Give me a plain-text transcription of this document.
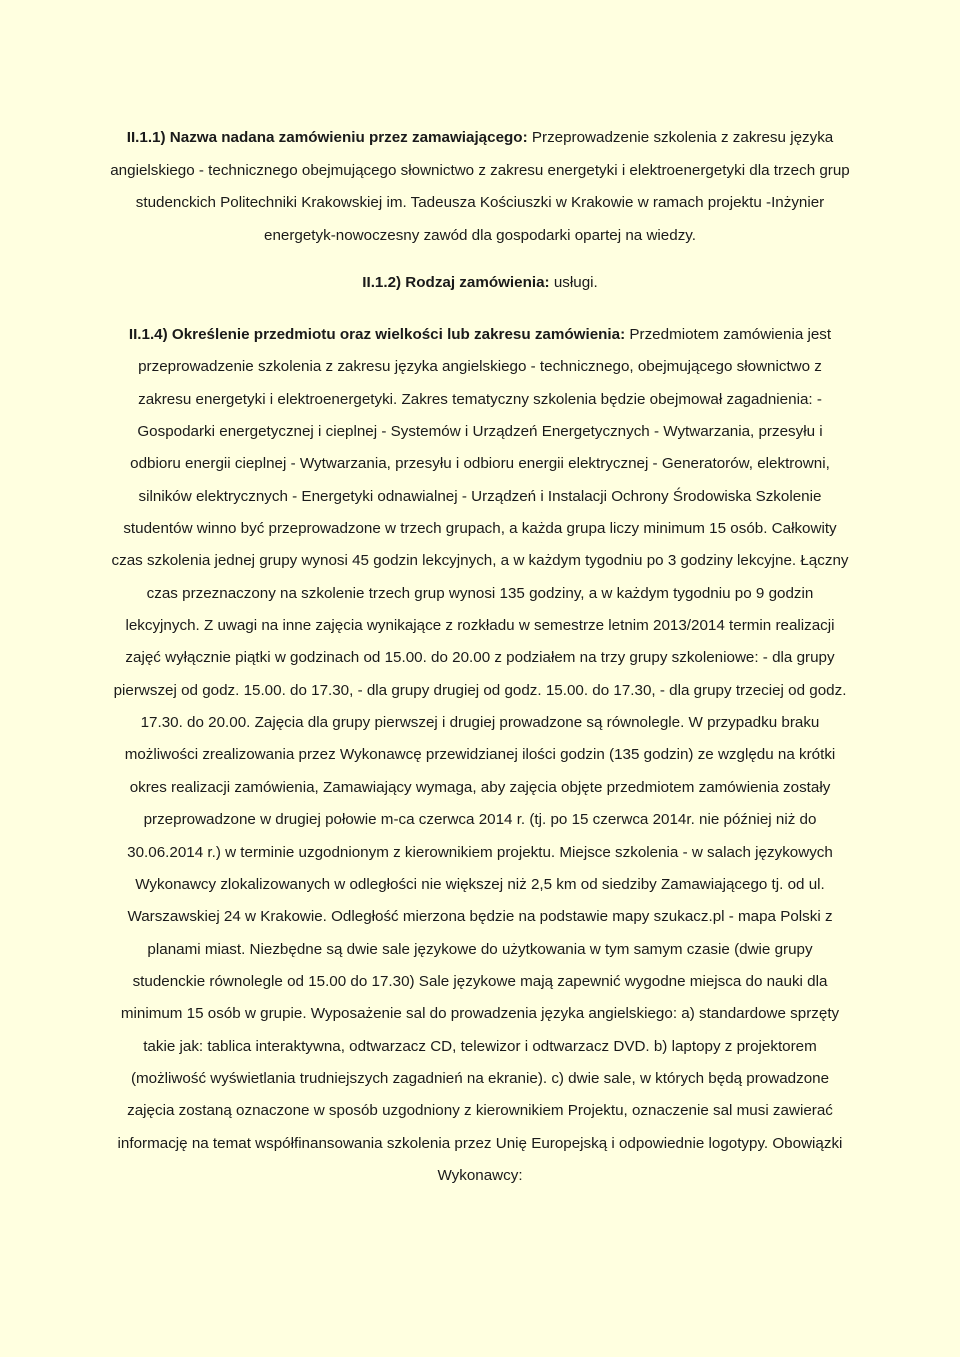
II.1.1) Nazwa nadana zamówieniu przez zamawiającego: Przeprowadzenie szkolenia z zakresu języka angielskiego - technicznego obejmującego słownictwo z zakresu energetyki i elektroenergetyki dla trzech grup studenckich Politechniki Krakowskiej im. Tadeusza Kościuszki w Krakowie w ramach projektu -Inżynier energetyk-nowoczesny zawód dla gospodarki opartej na wiedzy.

II.1.2) Rodzaj zamówienia: usługi.

II.1.4) Określenie przedmiotu oraz wielkości lub zakresu zamówienia: Przedmiotem zamówienia jest przeprowadzenie szkolenia z zakresu języka angielskiego - technicznego, obejmującego słownictwo z zakresu energetyki i elektroenergetyki. Zakres tematyczny szkolenia będzie obejmował zagadnienia: - Gospodarki energetycznej i cieplnej - Systemów i Urządzeń Energetycznych - Wytwarzania, przesyłu i odbioru energii cieplnej - Wytwarzania, przesyłu i odbioru energii elektrycznej - Generatorów, elektrowni, silników elektrycznych - Energetyki odnawialnej - Urządzeń i Instalacji Ochrony Środowiska Szkolenie studentów winno być przeprowadzone w trzech grupach, a każda grupa liczy minimum 15 osób. Całkowity czas szkolenia jednej grupy wynosi 45 godzin lekcyjnych, a w każdym tygodniu po 3 godziny lekcyjne. Łączny czas przeznaczony na szkolenie trzech grup wynosi 135 godziny, a w każdym tygodniu po 9 godzin lekcyjnych. Z uwagi na inne zajęcia wynikające z rozkładu w semestrze letnim 2013/2014 termin realizacji zajęć wyłącznie piątki w godzinach od 15.00. do 20.00 z podziałem na trzy grupy szkoleniowe: - dla grupy pierwszej od godz. 15.00. do 17.30, - dla grupy drugiej od godz. 15.00. do 17.30, - dla grupy trzeciej od godz. 17.30. do 20.00. Zajęcia dla grupy pierwszej i drugiej prowadzone są równolegle. W przypadku braku możliwości zrealizowania przez Wykonawcę przewidzianej ilości godzin (135 godzin) ze względu na krótki okres realizacji zamówienia, Zamawiający wymaga, aby zajęcia objęte przedmiotem zamówienia zostały przeprowadzone w drugiej połowie m-ca czerwca 2014 r. (tj. po 15 czerwca 2014r. nie później niż do 30.06.2014 r.) w terminie uzgodnionym z kierownikiem projektu. Miejsce szkolenia - w salach językowych Wykonawcy zlokalizowanych w odległości nie większej niż 2,5 km od siedziby Zamawiającego tj. od ul. Warszawskiej 24 w Krakowie. Odległość mierzona będzie na podstawie mapy szukacz.pl - mapa Polski z planami miast. Niezbędne są dwie sale językowe do użytkowania w tym samym czasie (dwie grupy studenckie równolegle od 15.00 do 17.30) Sale językowe mają zapewnić wygodne miejsca do nauki dla minimum 15 osób w grupie. Wyposażenie sal do prowadzenia języka angielskiego: a) standardowe sprzęty takie jak: tablica interaktywna, odtwarzacz CD, telewizor i odtwarzacz DVD. b) laptopy z projektorem (możliwość wyświetlania trudniejszych zagadnień na ekranie). c) dwie sale, w których będą prowadzone zajęcia zostaną oznaczone w sposób uzgodniony z kierownikiem Projektu, oznaczenie sal musi zawierać informację na temat współfinansowania szkolenia przez Unię Europejską i odpowiednie logotypy. Obowiązki Wykonawcy:
